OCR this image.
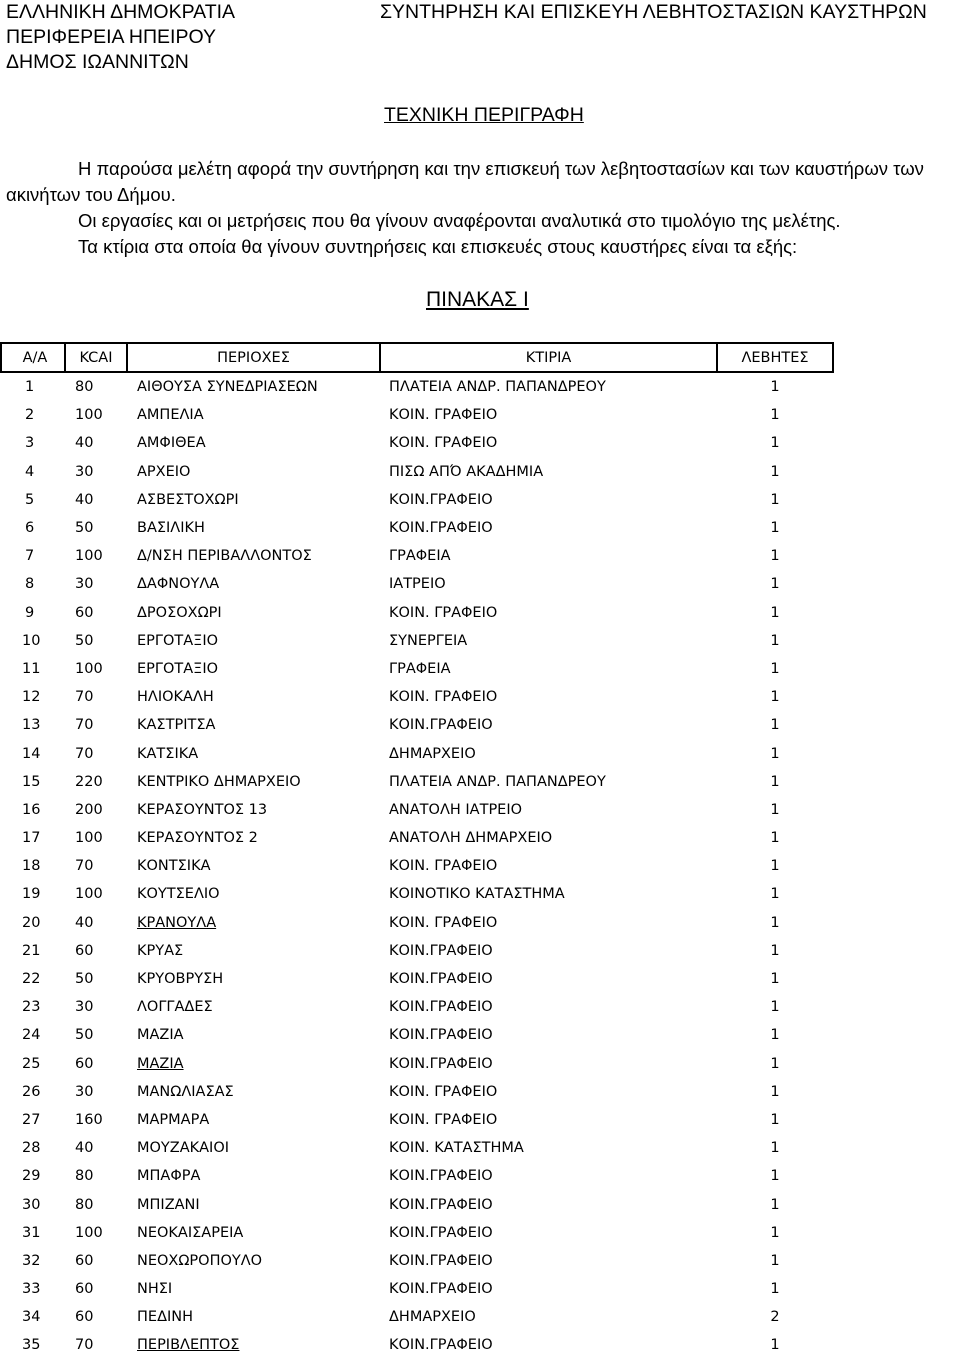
ΕΛΛΗΝΙΚΗ ΔΗΜΟΚΡΑΤΙΑ
ΠΕΡΙΦΕΡΕΙΑ ΗΠΕΙΡΟΥ
ΔΗΜΟΣ ΙΩΑΝΝΙΤΩΝ
ΣΥΝΤΗΡΗΣΗ ΚΑΙ ΕΠΙΣΚΕΥΗ ΛΕΒΗΤΟΣΤΑΣΙΩΝ ΚΑΥΣΤΗΡΩΝ
ΤΕΧΝΙΚΗ ΠΕΡΙΓΡΑΦΗ

Η παρούσα μελέτη αφορά την συντήρηση και την επισκευή των λεβητοστασίων και των καυστήρων των ακινήτων του Δήμου.

Οι εργασίες και οι μετρήσεις που θα γίνουν αναφέρονται αναλυτικά στο τιμολόγιο της μελέτης.

Τα κτίρια στα οποία θα γίνουν συντηρήσεις και επισκευές στους καυστήρες είναι τα εξής:

ΠΙΝΑΚΑΣ Ι
Α/Α	KCAI	ΠΕΡΙΟΧΕΣ	ΚΤΙΡΙΑ	ΛΕΒΗΤΕΣ
1	80	ΑΙΘΟΥΣΑ ΣΥΝΕΔΡΙΑΣΕΩΝ	ΠΛΑΤΕΙΑ ΑΝΔΡ. ΠΑΠΑΝΔΡΕΟΥ	1
2	100	ΑΜΠΕΛΙΑ	ΚΟΙΝ. ΓΡΑΦΕΙΟ	1
3	40	ΑΜΦΙΘΕΑ	ΚΟΙΝ. ΓΡΑΦΕΙΟ	1
4	30	ΑΡΧΕΙΟ	ΠΙΣΩ ΑΠΌ ΑΚΑΔΗΜΙΑ	1
5	40	ΑΣΒΕΣΤΟΧΩΡΙ	ΚΟΙΝ.ΓΡΑΦΕΙΟ	1
6	50	ΒΑΣΙΛΙΚΗ	ΚΟΙΝ.ΓΡΑΦΕΙΟ	1
7	100	Δ/ΝΣΗ ΠΕΡΙΒΑΛΛΟΝΤΟΣ	ΓΡΑΦΕΙΑ	1
8	30	ΔΑΦΝΟΥΛΑ	ΙΑΤΡΕΙΟ	1
9	60	ΔΡΟΣΟΧΩΡΙ	ΚΟΙΝ. ΓΡΑΦΕΙΟ	1
10	50	ΕΡΓΟΤΑΞΙΟ	ΣΥΝΕΡΓΕΙΑ	1
11	100	ΕΡΓΟΤΑΞΙΟ	ΓΡΑΦΕΙΑ	1
12	70	ΗΛΙΟΚΑΛΗ	ΚΟΙΝ. ΓΡΑΦΕΙΟ	1
13	70	ΚΑΣΤΡΙΤΣΑ	ΚΟΙΝ.ΓΡΑΦΕΙΟ	1
14	70	ΚΑΤΣΙΚΑ	ΔΗΜΑΡΧΕΙΟ	1
15	220	ΚΕΝΤΡΙΚΟ ΔΗΜΑΡΧΕΙΟ	ΠΛΑΤΕΙΑ ΑΝΔΡ. ΠΑΠΑΝΔΡΕΟΥ	1
16	200	ΚΕΡΑΣΟΥΝΤΟΣ 13	ΑΝΑΤΟΛΗ ΙΑΤΡΕΙΟ	1
17	100	ΚΕΡΑΣΟΥΝΤΟΣ 2	ΑΝΑΤΟΛΗ ΔΗΜΑΡΧΕΙΟ	1
18	70	ΚΟΝΤΣΙΚΑ	ΚΟΙΝ. ΓΡΑΦΕΙΟ	1
19	100	ΚΟΥΤΣΕΛΙΟ	ΚΟΙΝΟΤΙΚΟ ΚΑΤΑΣΤΗΜΑ	1
20	40	ΚΡΑΝΟΥΛΑ	ΚΟΙΝ. ΓΡΑΦΕΙΟ	1
21	60	ΚΡΥΑΣ	ΚΟΙΝ.ΓΡΑΦΕΙΟ	1
22	50	ΚΡΥΟΒΡΥΣΗ	ΚΟΙΝ.ΓΡΑΦΕΙΟ	1
23	30	ΛΟΓΓΑΔΕΣ	ΚΟΙΝ.ΓΡΑΦΕΙΟ	1
24	50	ΜΑΖΙΑ	ΚΟΙΝ.ΓΡΑΦΕΙΟ	1
25	60	ΜΑΖΙΑ	ΚΟΙΝ.ΓΡΑΦΕΙΟ	1
26	30	ΜΑΝΩΛΙΑΣΑΣ	ΚΟΙΝ. ΓΡΑΦΕΙΟ	1
27	160	ΜΑΡΜΑΡΑ	ΚΟΙΝ. ΓΡΑΦΕΙΟ	1
28	40	ΜΟΥΖΑΚΑΙΟΙ	ΚΟΙΝ. ΚΑΤΑΣΤΗΜΑ	1
29	80	ΜΠΑΦΡΑ	ΚΟΙΝ.ΓΡΑΦΕΙΟ	1
30	80	ΜΠΙΖΑΝΙ	ΚΟΙΝ.ΓΡΑΦΕΙΟ	1
31	100	ΝΕΟΚΑΙΣΑΡΕΙΑ	ΚΟΙΝ.ΓΡΑΦΕΙΟ	1
32	60	ΝΕΟΧΩΡΟΠΟΥΛΟ	ΚΟΙΝ.ΓΡΑΦΕΙΟ	1
33	60	ΝΗΣΙ	ΚΟΙΝ.ΓΡΑΦΕΙΟ	1
34	60	ΠΕΔΙΝΗ	ΔΗΜΑΡΧΕΙΟ	2
35	70	ΠΕΡΙΒΛΕΠΤΟΣ	ΚΟΙΝ.ΓΡΑΦΕΙΟ	1
